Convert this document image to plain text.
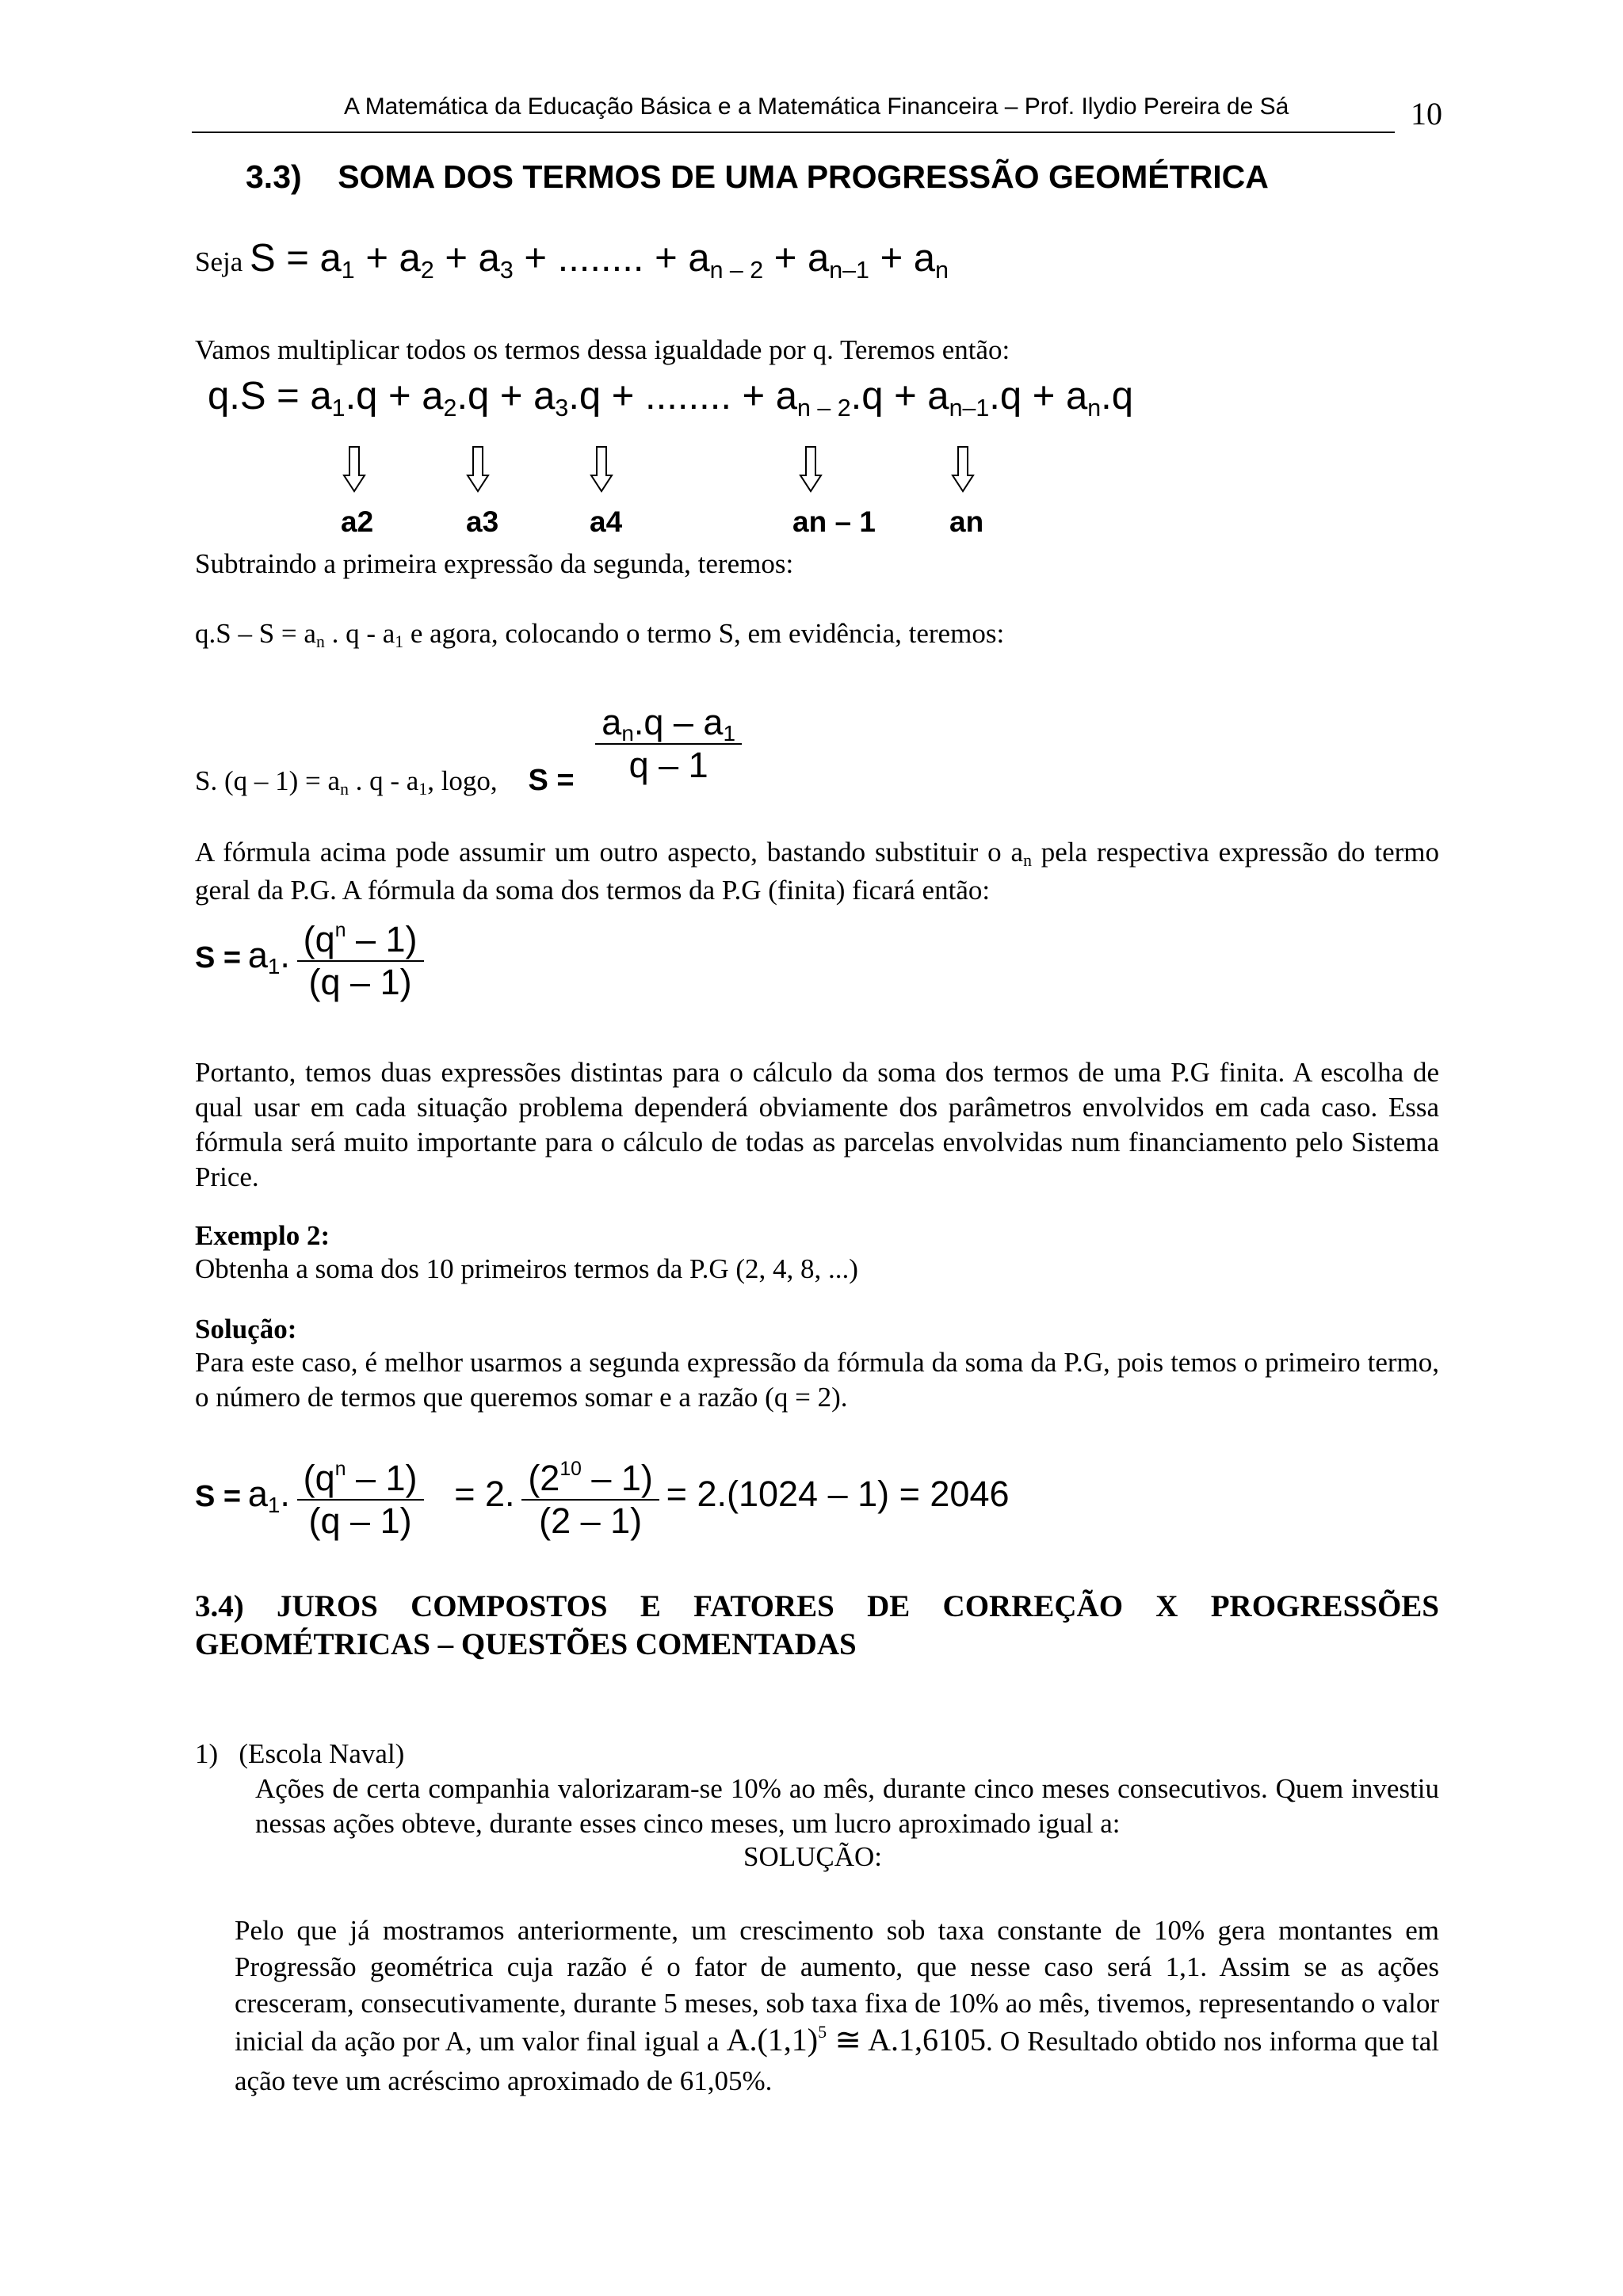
A Matemática da Educação Básica e a Matemática Financeira – Prof. Ilydio Pereira de Sá	10
3.3)    SOMA DOS TERMOS DE UMA PROGRESSÃO GEOMÉTRICA
Seja S = a1 + a2 + a3 + ........ + an – 2 + an–1 + an
Vamos multiplicar todos os termos dessa igualdade por q. Teremos então:
q.S = a1.q + a2.q + a3.q + ........ + an – 2.q + an–1.q + an.q
a2	a3	a4	an – 1	an
Subtraindo a primeira expressão da segunda, teremos:
q.S – S = an . q - a1 e agora, colocando o termo S, em evidência, teremos:
S. (q – 1) = an . q - a1, logo, $S = \frac{an.q - a1}{q - 1}$
A fórmula acima pode assumir um outro aspecto, bastando substituir o an pela respectiva expressão do termo geral da P.G. A fórmula da soma dos termos da P.G (finita) ficará então:
S = a1. $\frac{(q^n - 1)}{(q - 1)}$
Portanto, temos duas expressões distintas para o cálculo da soma dos termos de uma P.G finita. A escolha de qual usar em cada situação problema dependerá obviamente dos parâmetros envolvidos em cada caso. Essa fórmula será muito importante para o cálculo de todas as parcelas envolvidas num financiamento pelo Sistema Price.
Exemplo 2:
Obtenha a soma dos 10 primeiros termos da P.G (2, 4, 8, ...)
Solução:
Para este caso, é melhor usarmos a segunda expressão da fórmula da soma da P.G, pois temos o primeiro termo, o número de termos que queremos somar e a razão (q = 2).
S = a1. $\frac{(q^n - 1)}{(q - 1)} = 2$. $\frac{(2^{10} - 1)}{(2 - 1)} = 2.(1024 - 1) = 2046$
3.4) JUROS COMPOSTOS E FATORES DE CORREÇÃO X PROGRESSÕES GEOMÉTRICAS – QUESTÕES COMENTADAS
1)   (Escola Naval)
Ações de certa companhia valorizaram-se 10% ao mês, durante cinco meses consecutivos. Quem investiu nessas ações obteve, durante esses cinco meses, um lucro aproximado igual a:
SOLUÇÃO:
Pelo que já mostramos anteriormente, um crescimento sob taxa constante de 10% gera montantes em Progressão geométrica cuja razão é o fator de aumento, que nesse caso será 1,1. Assim se as ações cresceram, consecutivamente, durante 5 meses, sob taxa fixa de 10% ao mês, tivemos, representando o valor inicial da ação por A, um valor final igual a $A.(1,1)^5$ ≅ A.1,6105. O Resultado obtido nos informa que tal ação teve um acréscimo aproximado de 61,05%.
